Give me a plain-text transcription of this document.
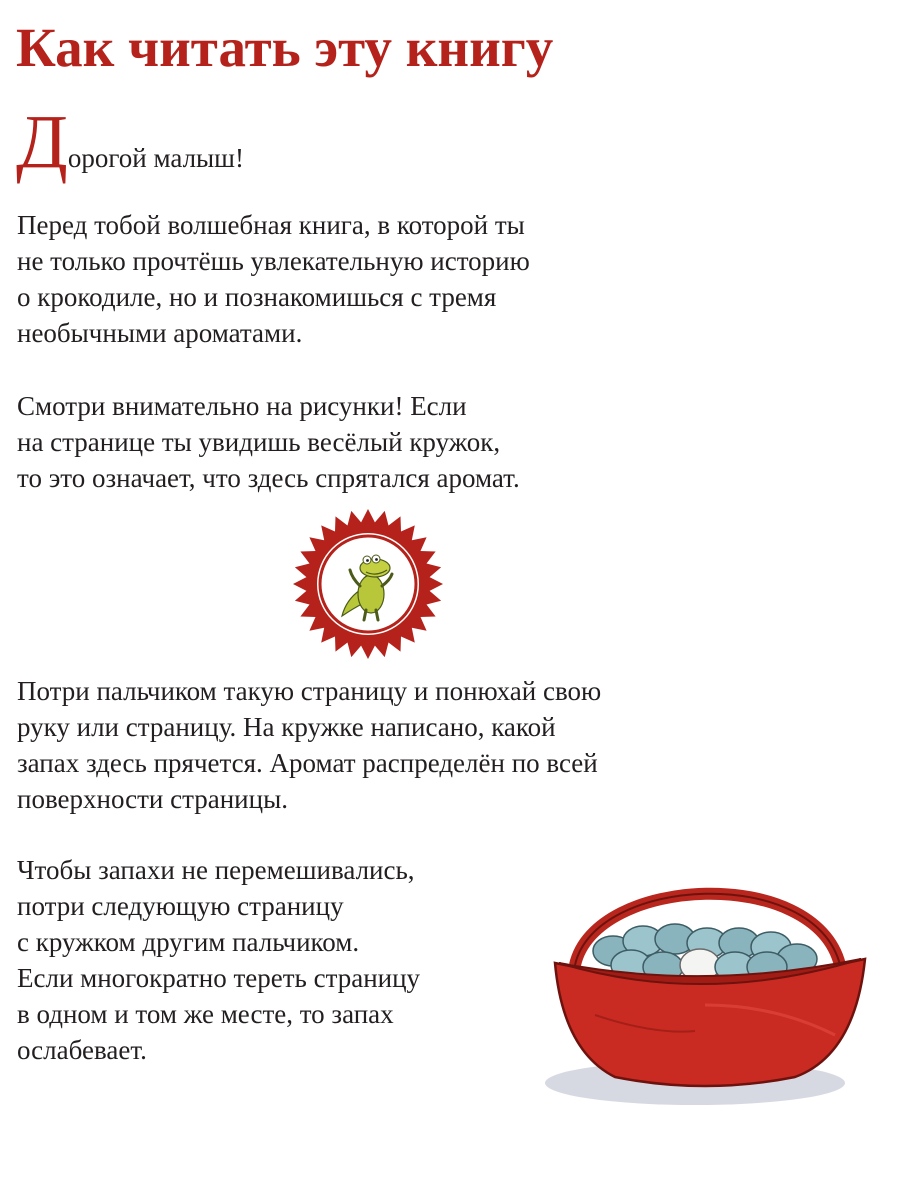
Как читать эту книгу
Дорогой малыш!

Перед тобой волшебная книга, в которой ты
не только прочтёшь увлекательную историю
о крокодиле, но и познакомишься с тремя
необычными ароматами.

Смотри внимательно на рисунки! Если
на странице ты увидишь весёлый кружок,
то это означает, что здесь спрятался аромат.

Потри пальчиком такую страницу и понюхай свою
руку или страницу. На кружке написано, какой
запах здесь прячется. Аромат распределён по всей
поверхности страницы.

Чтобы запахи не перемешивались,
потри следующую страницу
с кружком другим пальчиком.
Если многократно тереть страницу
в одном и том же месте, то запах
ослабевает.
